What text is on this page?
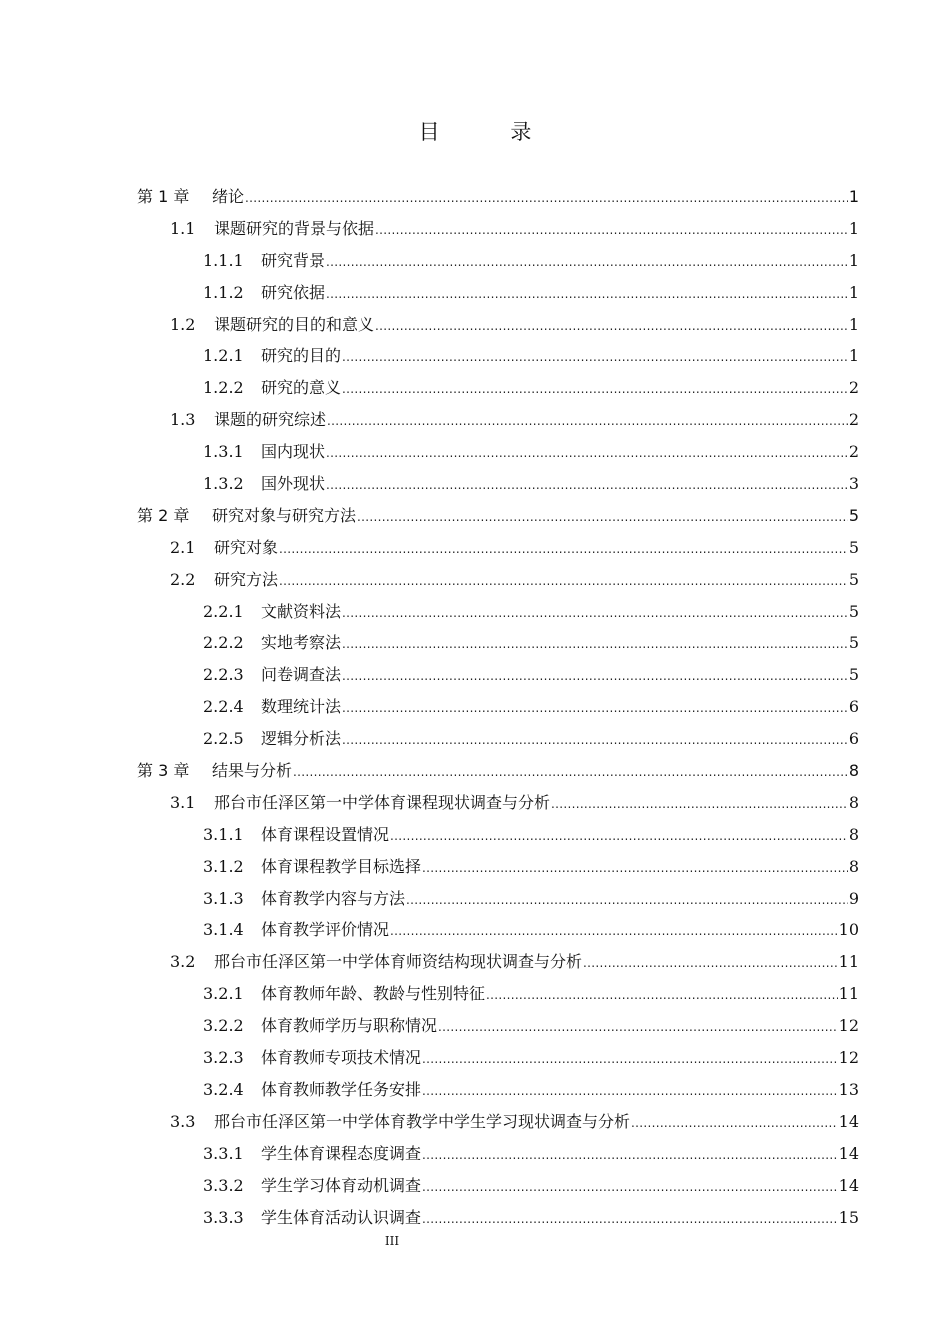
目 录
第 1 章	绪论 .....	1
1.1	课题研究的背景与依据 .....	1
1.1.1	研究背景 .....	1
1.1.2	研究依据 .....	1
1.2	课题研究的目的和意义 .....	1
1.2.1	研究的目的 .....	1
1.2.2	研究的意义 .....	2
1.3	课题的研究综述 .....	2
1.3.1	国内现状 .....	2
1.3.2	国外现状 .....	3
第 2 章	研究对象与研究方法 .....	5
2.1	研究对象 .....	5
2.2	研究方法 .....	5
2.2.1	文献资料法 .....	5
2.2.2	实地考察法 .....	5
2.2.3	问卷调查法 .....	5
2.2.4	数理统计法 .....	6
2.2.5	逻辑分析法 .....	6
第 3 章	结果与分析 .....	8
3.1	邢台市任泽区第一中学体育课程现状调查与分析 .....	8
3.1.1	体育课程设置情况 .....	8
3.1.2	体育课程教学目标选择 .....	8
3.1.3	体育教学内容与方法 .....	9
3.1.4	体育教学评价情况 .....	10
3.2	邢台市任泽区第一中学体育师资结构现状调查与分析 .....	11
3.2.1	体育教师年龄、教龄与性别特征 .....	11
3.2.2	体育教师学历与职称情况 .....	12
3.2.3	体育教师专项技术情况 .....	12
3.2.4	体育教师教学任务安排 .....	13
3.3	邢台市任泽区第一中学体育教学中学生学习现状调查与分析 .....	14
3.3.1	学生体育课程态度调查 .....	14
3.3.2	学生学习体育动机调查 .....	14
3.3.3	学生体育活动认识调查 .....	15
III
